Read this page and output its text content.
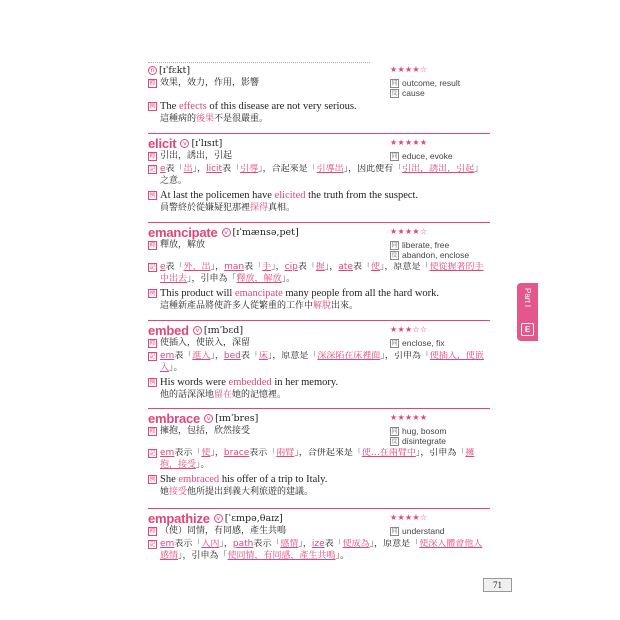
n [ɪˈfɛkt]	★★★★☆
釋 效果，效力，作用，影響	同 outcome, result
反 cause
例 The effects of this disease are not very serious.
這種病的後果不是很嚴重。
elicit	v [ɪˈlɪsɪt]	★★★★★
釋 引出，誘出，引起	同 educe, evoke
記 e表「出」，licit表「引導」，合起來是「引導出」，因此便有「引出，誘出，引起」之意。
例 At last the policemen have elicited the truth from the suspect.
員警終於從嫌疑犯那裡探得真相。
emancipate	v [ɪˈmænsə,pet]	★★★★☆
釋 釋放，解放	同 liberate, free
反 abandon, enclose
記 e表「外，出」，man表「手」，cip表「握」，ate表「使」，原意是「使從握著的手中出去」，引申為「釋放，解放」。
例 This product will emancipate many people from all the hard work.
這種新產品將使許多人從繁重的工作中解脫出來。
embed	v [ɪmˈbɛd]	★★★☆☆
釋 使插入，使嵌入，深留	同 enclose, fix
記 em表「進入」，bed表「床」，原意是「深深陷在床裡面」，引申為「使插入，使嵌入」。
例 His words were embedded in her memory.
他的話深深地留在她的記憶裡。
embrace	v [ɪmˈbres]	★★★★★
釋 擁抱，包括，欣然接受	同 hug, bosom
反 disintegrate
記 em表示「使」，brace表示「兩臂」，合併起來是「使…在兩臂中」，引申為「擁抱，接受」。
例 She embraced his offer of a trip to Italy.
她接受他所提出到義大利旅遊的建議。
empathize	v [ˈɛmpə,θaɪz]	★★★★☆
釋 （使）同情，有同感，產生共鳴	同 understand
記 em表示「入內」，path表示「感情」，ize表「使成為」，原意是「使深入體會他人感情」，引申為「使同情，有同感，產生共鳴」。
Part I
E
71
